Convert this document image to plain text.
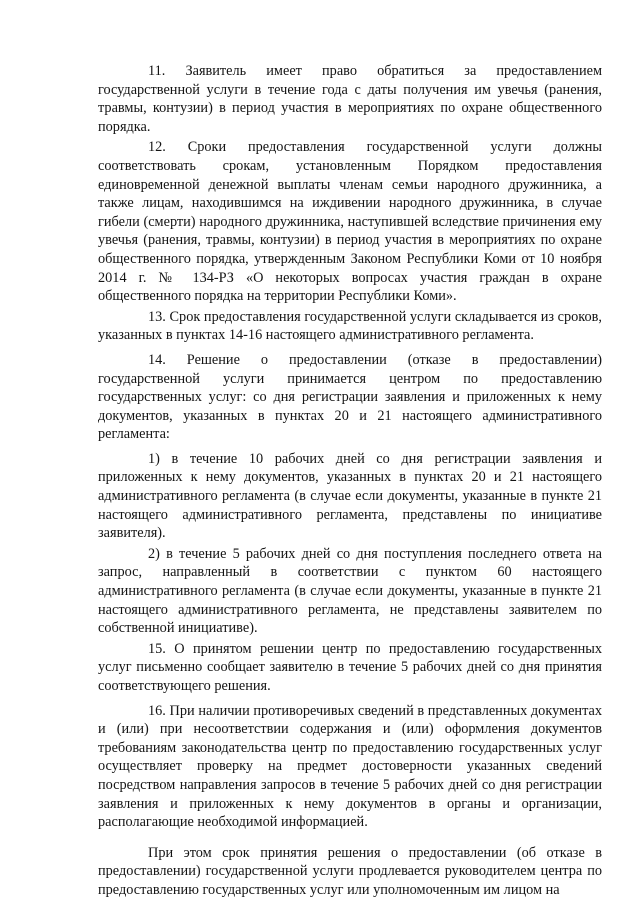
11. Заявитель имеет право обратиться за предоставлением государственной услуги в течение года с даты получения им увечья (ранения, травмы, контузии) в период участия в мероприятиях по охране общественного порядка.

12. Сроки предоставления государственной услуги должны соответствовать срокам, установленным Порядком предоставления единовременной денежной выплаты членам семьи народного дружинника, а также лицам, находившимся на иждивении народного дружинника, в случае гибели (смерти) народного дружинника, наступившей вследствие причинения ему увечья (ранения, травмы, контузии) в период участия в мероприятиях по охране общественного порядка, утвержденным Законом Республики Коми от 10 ноября 2014 г. № 134-РЗ «О некоторых вопросах участия граждан в охране общественного порядка на территории Республики Коми».

13. Срок предоставления государственной услуги складывается из сроков, указанных в пунктах 14-16 настоящего административного регламента.

14. Решение о предоставлении (отказе в предоставлении) государственной услуги принимается центром по предоставлению государственных услуг: со дня регистрации заявления и приложенных к нему документов, указанных в пунктах 20 и 21 настоящего административного регламента:

1) в течение 10 рабочих дней со дня регистрации заявления и приложенных к нему документов, указанных в пунктах 20 и 21 настоящего административного регламента (в случае если документы, указанные в пункте 21 настоящего административного регламента, представлены по инициативе заявителя).

2) в течение 5 рабочих дней со дня поступления последнего ответа на запрос, направленный в соответствии с пунктом 60 настоящего административного регламента (в случае если документы, указанные в пункте 21 настоящего административного регламента, не представлены заявителем по собственной инициативе).

15. О принятом решении центр по предоставлению государственных услуг письменно сообщает заявителю в течение 5 рабочих дней со дня принятия соответствующего решения.

16. При наличии противоречивых сведений в представленных документах и (или) при несоответствии содержания и (или) оформления документов требованиям законодательства центр по предоставлению государственных услуг осуществляет проверку на предмет достоверности указанных сведений посредством направления запросов в течение 5 рабочих дней со дня регистрации заявления и приложенных к нему документов в органы и организации, располагающие необходимой информацией.

При этом срок принятия решения о предоставлении (об отказе в предоставлении) государственной услуги продлевается руководителем центра по предоставлению государственных услуг или уполномоченным им лицом на
